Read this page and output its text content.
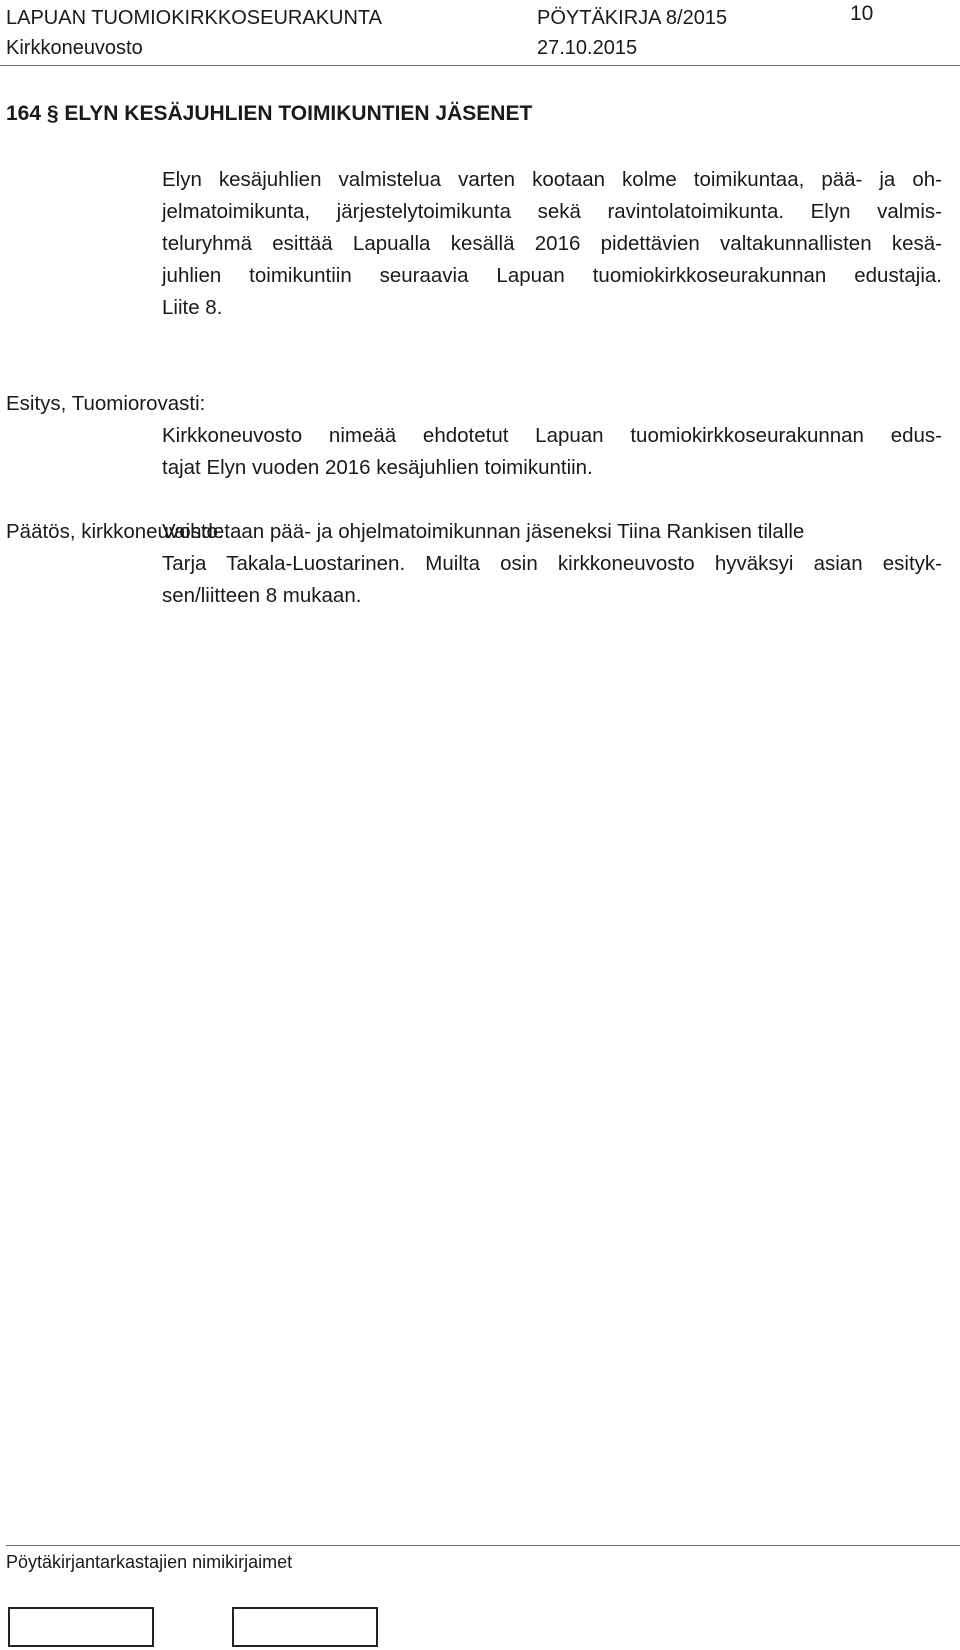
LAPUAN TUOMIOKIRKKOSEURAKUNTA	PÖYTÄKIRJA 8/2015	10
Kirkkoneuvosto	27.10.2015
164 § ELYN KESÄJUHLIEN TOIMIKUNTIEN JÄSENET
Elyn kesäjuhlien valmistelua varten kootaan kolme toimikuntaa, pää- ja oh-
jelmatoimikunta, järjestelytoimikunta sekä ravintolatoimikunta. Elyn valmis-
teluryhmä esittää Lapualla kesällä 2016 pidettävien valtakunnallisten kesä-
juhlien toimikuntiin seuraavia Lapuan tuomiokirkkoseurakunnan edustajia.
Liite 8.
Esitys, Tuomiorovasti:
Kirkkoneuvosto nimeää ehdotetut Lapuan tuomiokirkkoseurakunnan edus-
tajat Elyn vuoden 2016 kesäjuhlien toimikuntiin.
Päätös, kirkkoneuvosto:
Vaihdetaan pää- ja ohjelmatoimikunnan jäseneksi Tiina Rankisen tilalle
Tarja Takala-Luostarinen. Muilta osin kirkkoneuvosto hyväksyi asian esityk-
sen/liitteen 8 mukaan.
Pöytäkirjantarkastajien nimikirjaimet
